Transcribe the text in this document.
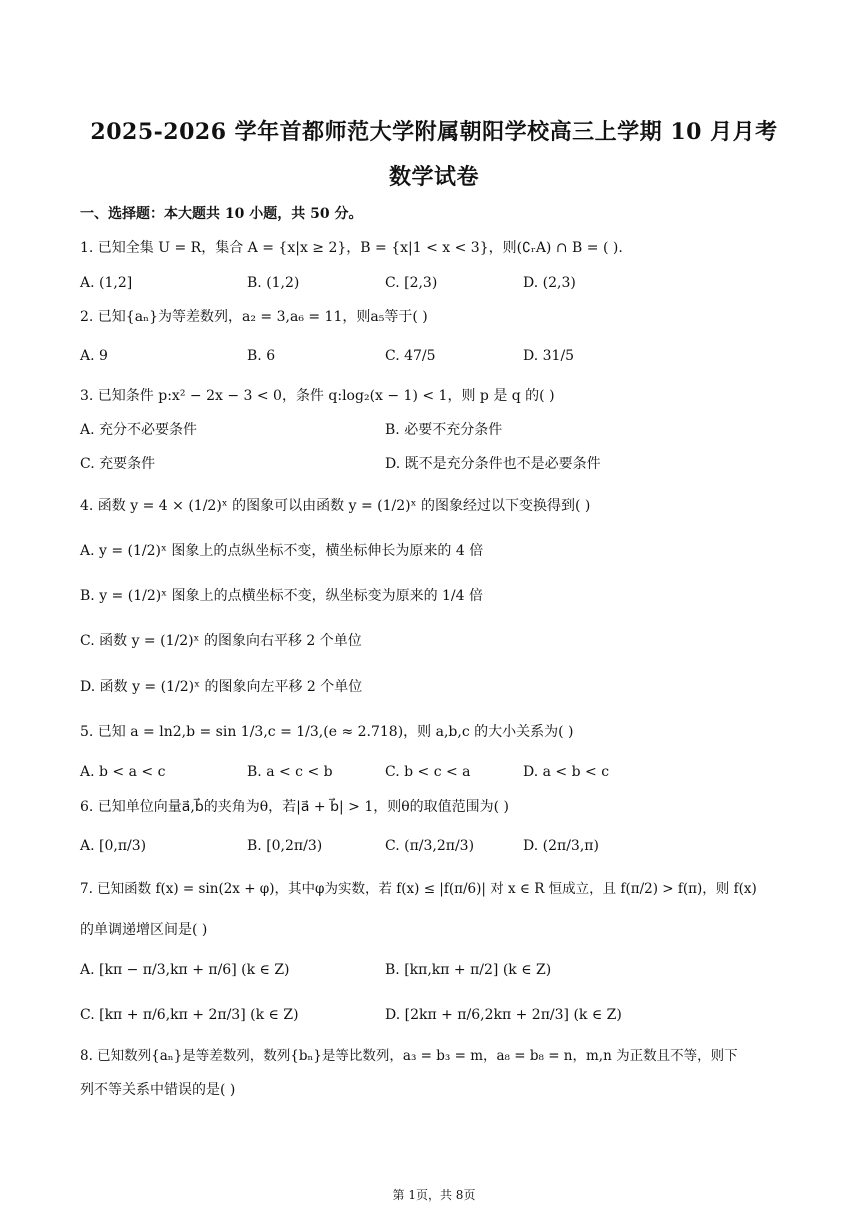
2025-2026 学年首都师范大学附属朝阳学校高三上学期 10 月月考
数学试卷
一、选择题：本大题共 10 小题，共 50 分。
1. 已知全集 U = R，集合 A = {x|x ≥ 2}，B = {x|1 < x < 3}，则(∁ᵣA) ∩ B = ( ).
A. (1,2]	B. (1,2)	C. [2,3)	D. (2,3)
2. 已知{aₙ}为等差数列，a₂ = 3,a₆ = 11，则a₅等于( )
A. 9	B. 6	C. 47/5	D. 31/5
3. 已知条件 p:x² − 2x − 3 < 0，条件 q:log₂(x − 1) < 1，则 p 是 q 的( )
A. 充分不必要条件	B. 必要不充分条件
C. 充要条件	D. 既不是充分条件也不是必要条件
4. 函数 y = 4 × (1/2)ˣ 的图象可以由函数 y = (1/2)ˣ 的图象经过以下变换得到( )
A. y = (1/2)ˣ 图象上的点纵坐标不变，横坐标伸长为原来的 4 倍
B. y = (1/2)ˣ 图象上的点横坐标不变，纵坐标变为原来的 1/4 倍
C. 函数 y = (1/2)ˣ 的图象向右平移 2 个单位
D. 函数 y = (1/2)ˣ 的图象向左平移 2 个单位
5. 已知 a = ln2,b = sin 1/3,c = 1/3,(e ≈ 2.718)，则 a,b,c 的大小关系为( )
A. b < a < c	B. a < c < b	C. b < c < a	D. a < b < c
6. 已知单位向量a⃗,b⃗的夹角为θ，若|a⃗ + b⃗| > 1，则θ的取值范围为( )
A. [0,π/3)	B. [0,2π/3)	C. (π/3,2π/3)	D. (2π/3,π)
7. 已知函数 f(x) = sin(2x + φ)，其中φ为实数，若 f(x) ≤ |f(π/6)| 对 x ∈ R 恒成立，且 f(π/2) > f(π)，则 f(x)
的单调递增区间是( )
A. [kπ − π/3,kπ + π/6] (k ∈ Z)	B. [kπ,kπ + π/2] (k ∈ Z)
C. [kπ + π/6,kπ + 2π/3] (k ∈ Z)	D. [2kπ + π/6,2kπ + 2π/3] (k ∈ Z)
8. 已知数列{aₙ}是等差数列，数列{bₙ}是等比数列，a₃ = b₃ = m，a₈ = b₈ = n，m,n 为正数且不等，则下
列不等关系中错误的是( )
第 1页，共 8页
